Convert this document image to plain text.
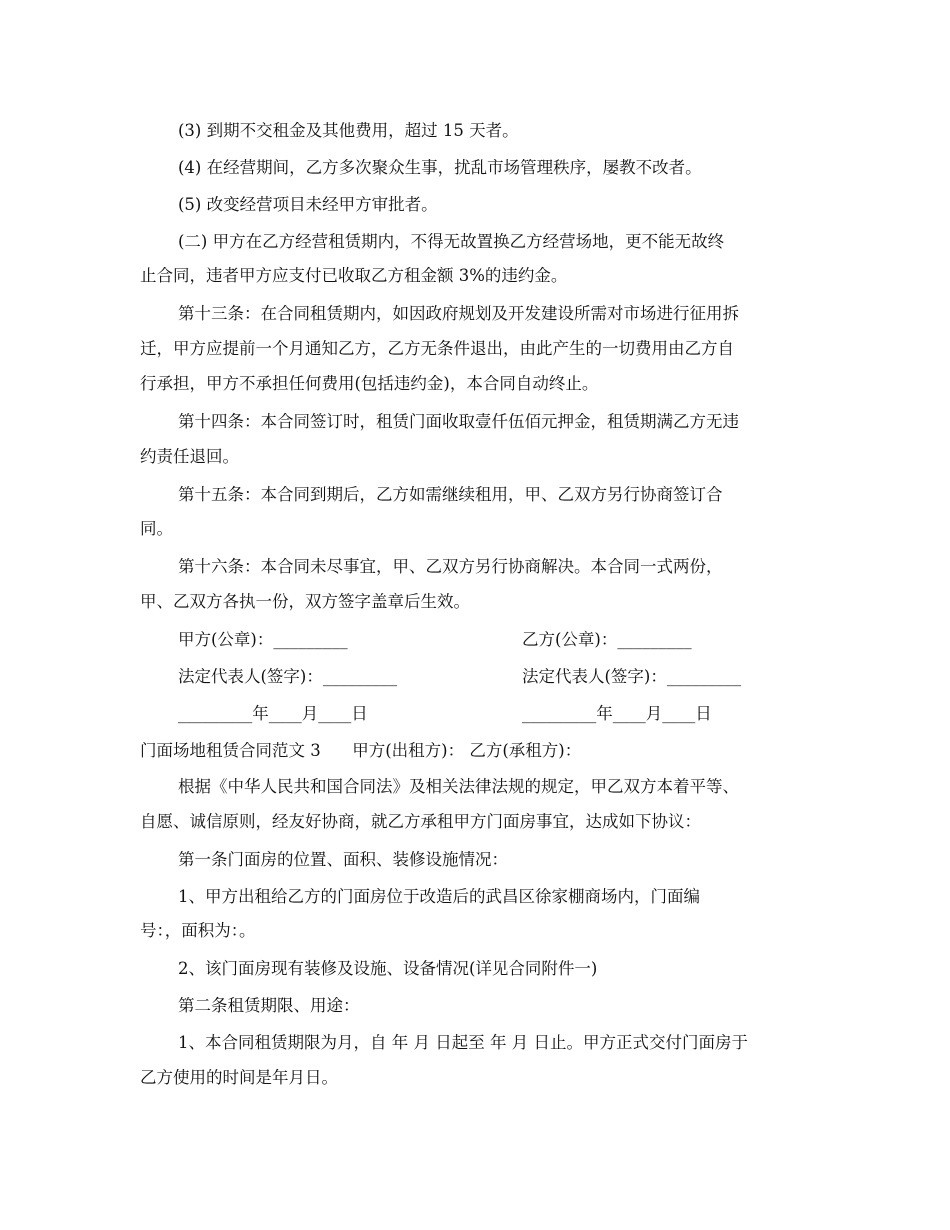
(3) 到期不交租金及其他费用，超过 15 天者。
(4) 在经营期间，乙方多次聚众生事，扰乱市场管理秩序，屡教不改者。
(5) 改变经营项目未经甲方审批者。
(二) 甲方在乙方经营租赁期内，不得无故置换乙方经营场地，更不能无故终
止合同，违者甲方应支付已收取乙方租金额 3%的违约金。
第十三条：在合同租赁期内，如因政府规划及开发建设所需对市场进行征用拆
迁，甲方应提前一个月通知乙方，乙方无条件退出，由此产生的一切费用由乙方自
行承担，甲方不承担任何费用(包括违约金)，本合同自动终止。
第十四条：本合同签订时，租赁门面收取壹仟伍佰元押金，租赁期满乙方无违
约责任退回。
第十五条：本合同到期后，乙方如需继续租用，甲、乙双方另行协商签订合
同。
第十六条：本合同未尽事宜，甲、乙双方另行协商解决。本合同一式两份，
甲、乙双方各执一份，双方签字盖章后生效。
甲方(公章)：_________	乙方(公章)：_________
法定代表人(签字)：_________	法定代表人(签字)：_________
_________年____月____日	_________年____月____日
门面场地租赁合同范文 3      甲方(出租方)： 乙方(承租方)：
根据《中华人民共和国合同法》及相关法律法规的规定，甲乙双方本着平等、
自愿、诚信原则，经友好协商，就乙方承租甲方门面房事宜，达成如下协议：
第一条门面房的位置、面积、装修设施情况：
1、甲方出租给乙方的门面房位于改造后的武昌区徐家棚商场内，门面编
号：，面积为：。
2、该门面房现有装修及设施、设备情况(详见合同附件一)
第二条租赁期限、用途：
1、本合同租赁期限为月，自 年 月 日起至 年 月 日止。甲方正式交付门面房于
乙方使用的时间是年月日。
